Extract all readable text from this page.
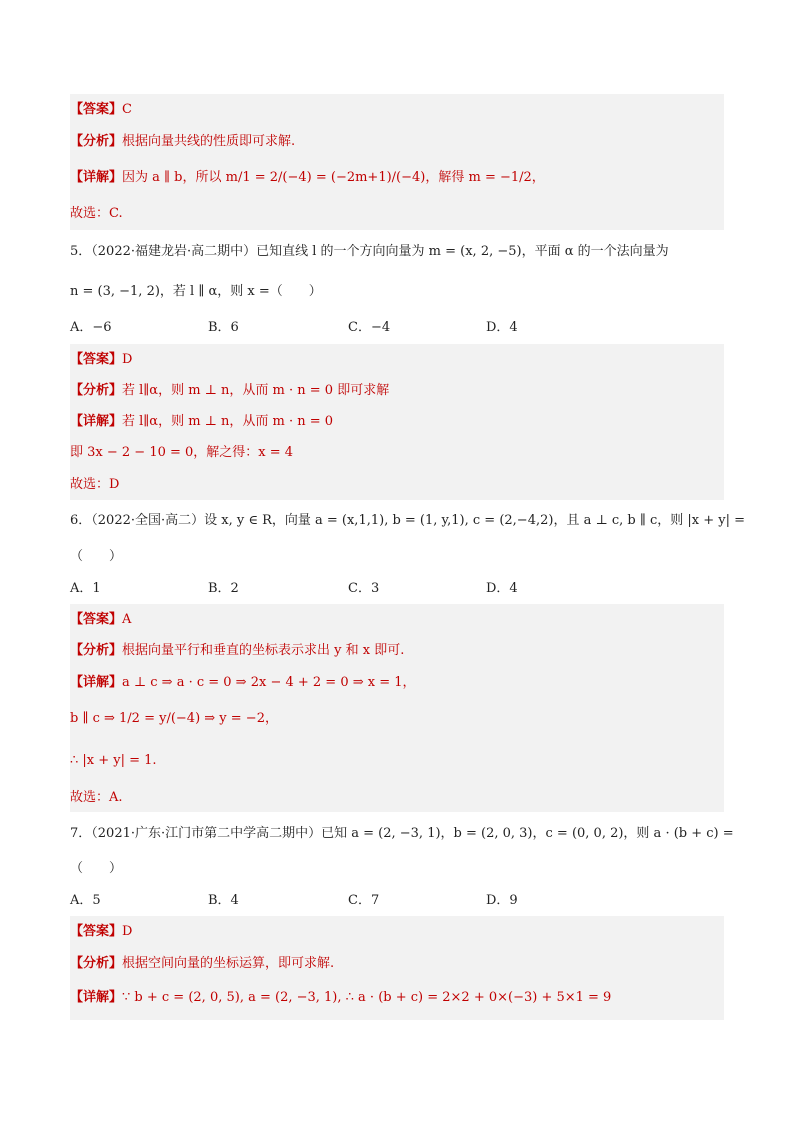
【答案】C
【分析】根据向量共线的性质即可求解.
【详解】因为 a ∥ b，所以 m/1 = 2/(−4) = (−2m+1)/(−4)，解得 m = −1/2，
故选：C.
5．（2022·福建龙岩·高二期中）已知直线 l 的一个方向向量为 m = (x, 2, −5)，平面 α 的一个法向量为
n = (3, −1, 2)，若 l ∥ α，则 x =（　　）
A．−6	B．6	C．−4	D．4
【答案】D
【分析】若 l∥α，则 m ⊥ n，从而 m · n = 0 即可求解
【详解】若 l∥α，则 m ⊥ n，从而 m · n = 0
即 3x − 2 − 10 = 0，解之得：x = 4
故选：D
6．（2022·全国·高二）设 x, y ∈ R，向量 a = (x,1,1), b = (1, y,1), c = (2,−4,2)，且 a ⊥ c, b ∥ c，则 |x + y| =
（　　）
A．1	B．2	C．3	D．4
【答案】A
【分析】根据向量平行和垂直的坐标表示求出 y 和 x 即可.
【详解】a ⊥ c ⇒ a · c = 0 ⇒ 2x − 4 + 2 = 0 ⇒ x = 1，
b ∥ c ⇒ 1/2 = y/(−4) ⇒ y = −2，
∴ |x + y| = 1.
故选：A.
7．（2021·广东·江门市第二中学高二期中）已知 a = (2, −3, 1)，b = (2, 0, 3)，c = (0, 0, 2)，则 a · (b + c) =
（　　）
A．5	B．4	C．7	D．9
【答案】D
【分析】根据空间向量的坐标运算，即可求解.
【详解】∵ b + c = (2, 0, 5), a = (2, −3, 1), ∴ a · (b + c) = 2×2 + 0×(−3) + 5×1 = 9
